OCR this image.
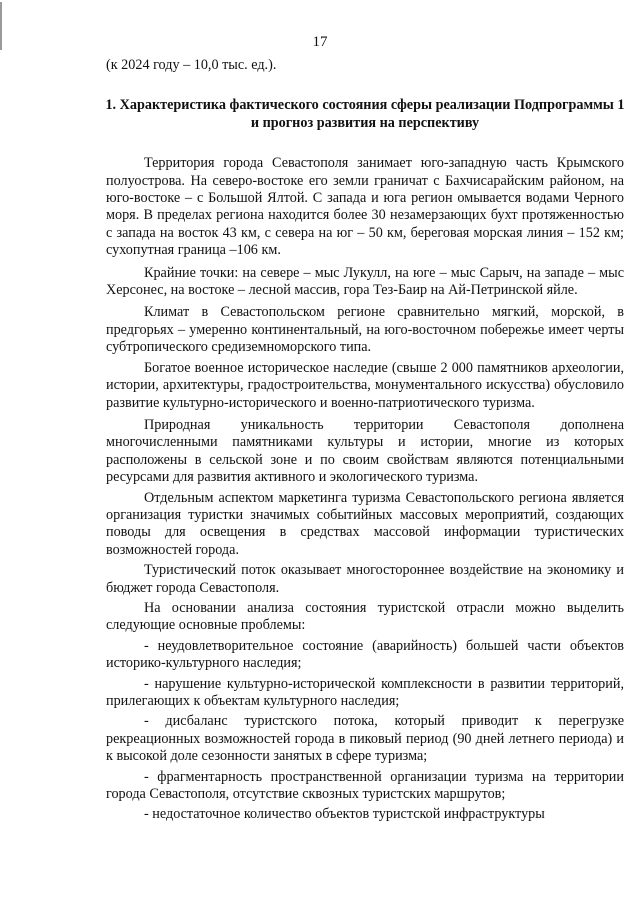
17

(к 2024 году – 10,0 тыс. ед.).

1. Характеристика фактического состояния сферы реализации Подпрограммы 1 и прогноз развития на перспективу

Территория города Севастополя занимает юго-западную часть Крымского полуострова. На северо-востоке его земли граничат с Бахчисарайским районом, на юго-востоке – с Большой Ялтой. С запада и юга регион омывается водами Черного моря. В пределах региона находится более 30 незамерзающих бухт протяженностью с запада на восток 43 км, с севера на юг – 50 км, береговая морская линия – 152 км; сухопутная граница –106 км.

Крайние точки: на севере – мыс Лукулл, на юге – мыс Сарыч, на западе – мыс Херсонес, на востоке – лесной массив, гора Тез-Баир на Ай-Петринской яйле.

Климат в Севастопольском регионе сравнительно мягкий, морской, в предгорьях – умеренно континентальный, на юго-восточном побережье имеет черты субтропического средиземноморского типа.

Богатое военное историческое наследие (свыше 2 000 памятников археологии, истории, архитектуры, градостроительства, монументального искусства) обусловило развитие культурно-исторического и военно-патриотического туризма.

Природная уникальность территории Севастополя дополнена многочисленными памятниками культуры и истории, многие из которых расположены в сельской зоне и по своим свойствам являются потенциальными ресурсами для развития активного и экологического туризма.

Отдельным аспектом маркетинга туризма Севастопольского региона является организация туристки значимых событийных массовых мероприятий, создающих поводы для освещения в средствах массовой информации туристических возможностей города.

Туристический поток оказывает многостороннее воздействие на экономику и бюджет города Севастополя.

На основании анализа состояния туристской отрасли можно выделить следующие основные проблемы:

- неудовлетворительное состояние (аварийность) большей части объектов историко-культурного наследия;

- нарушение культурно-исторической комплексности в развитии территорий, прилегающих к объектам культурного наследия;

- дисбаланс туристского потока, который приводит к перегрузке рекреационных возможностей города в пиковый период (90 дней летнего периода) и к высокой доле сезонности занятых в сфере туризма;

- фрагментарность пространственной организации туризма на территории города Севастополя, отсутствие сквозных туристских маршрутов;

- недостаточное количество объектов туристской инфраструктуры
